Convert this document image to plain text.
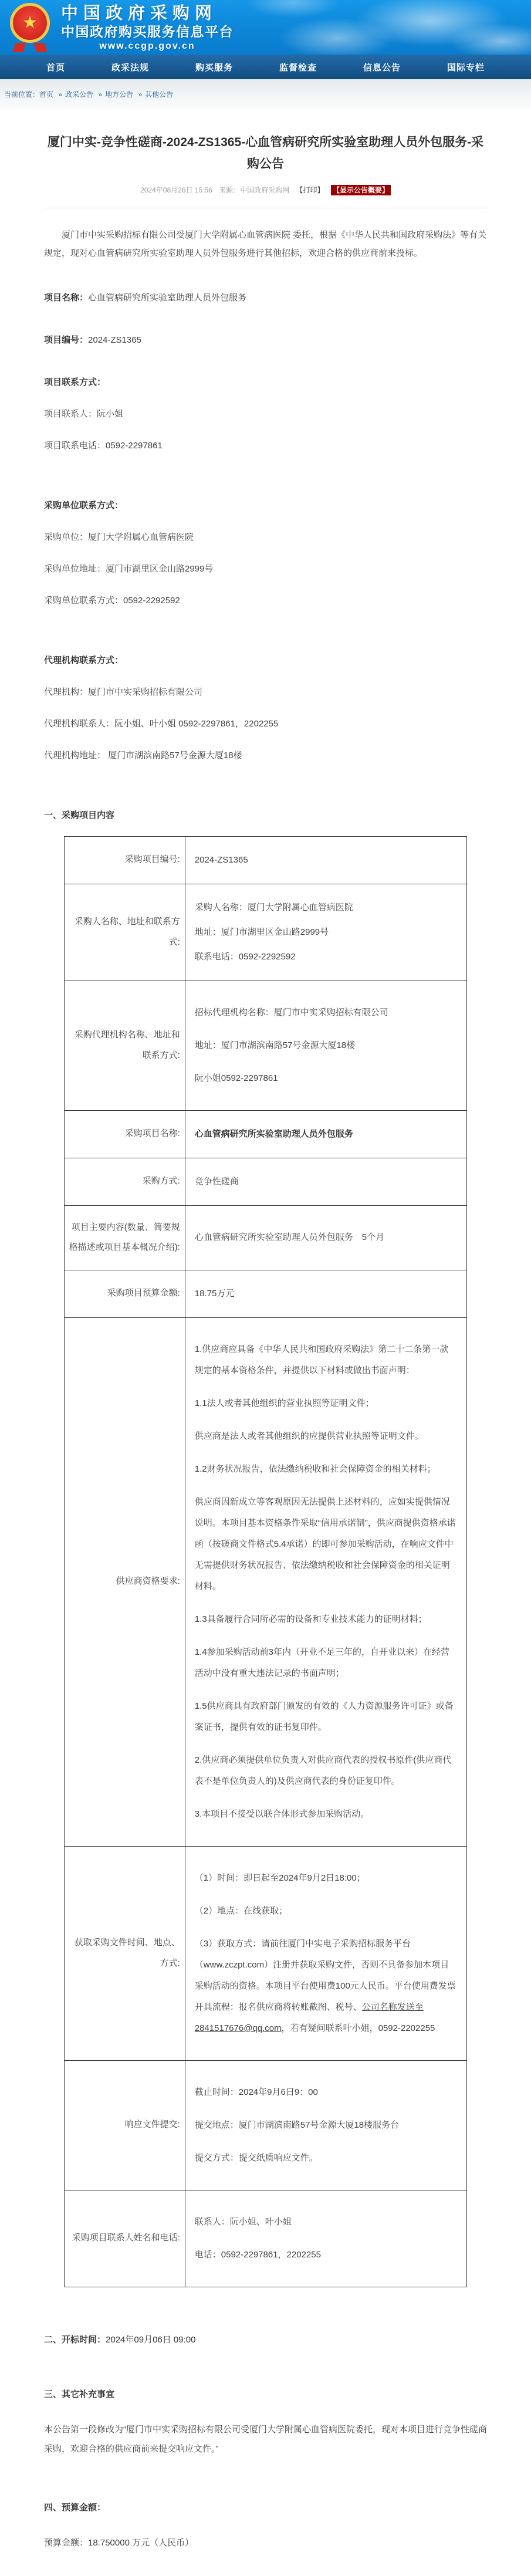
★ 中国政府采购网
中国政府购买服务信息平台
www.ccgp.gov.cn
首页	政采法规	购买服务	监督检查	信息公告	国际专栏
当前位置： 首页 » 政采公告 » 地方公告 » 其他公告
厦门中实-竞争性磋商-2024-ZS1365-心血管病研究所实验室助理人员外包服务-采购公告
2024年08月26日 15:56 来源：中国政府采购网 【打印】 【显示公告概要】

厦门市中实采购招标有限公司受厦门大学附属心血管病医院 委托，根据《中华人民共和国政府采购法》等有关规定，现对心血管病研究所实验室助理人员外包服务进行其他招标，欢迎合格的供应商前来投标。

项目名称：心血管病研究所实验室助理人员外包服务

项目编号：2024-ZS1365

项目联系方式：

项目联系人：阮小姐

项目联系电话：0592-2297861

采购单位联系方式：

采购单位：厦门大学附属心血管病医院

采购单位地址：厦门市湖里区金山路2999号

采购单位联系方式：0592-2292592

代理机构联系方式：

代理机构：厦门市中实采购招标有限公司

代理机构联系人：阮小姐、叶小姐 0592-2297861，2202255

代理机构地址： 厦门市湖滨南路57号金源大厦18楼

一、采购项目内容
采购项目编号:	2024-ZS1365

采购人名称、地址和联系方式:	采购人名称：厦门大学附属心血管病医院

地址：厦门市湖里区金山路2999号

联系电话：0592-2292592

采购代理机构名称、地址和联系方式:	招标代理机构名称：厦门市中实采购招标有限公司

地址：厦门市湖滨南路57号金源大厦18楼

阮小姐0592-2297861

采购项目名称:	心血管病研究所实验室助理人员外包服务

采购方式:	竞争性磋商

项目主要内容(数量、简要规格描述或项目基本概况介绍):	心血管病研究所实验室助理人员外包服务　5个月

采购项目预算金额:	18.75万元

供应商资格要求:	

1.供应商应具备《中华人民共和国政府采购法》第二十二条第一款规定的基本资格条件，并提供以下材料或做出书面声明：

1.1法人或者其他组织的营业执照等证明文件；

供应商是法人或者其他组织的应提供营业执照等证明文件。

1.2财务状况报告，依法缴纳税收和社会保障资金的相关材料；

供应商因新成立等客观原因无法提供上述材料的，应如实提供情况说明。本项目基本资格条件采取“信用承诺制”，供应商提供资格承诺函（按磋商文件格式5.4承诺）的即可参加采购活动，在响应文件中无需提供财务状况报告、依法缴纳税收和社会保障资金的相关证明材料。

1.3具备履行合同所必需的设备和专业技术能力的证明材料；

1.4参加采购活动前3年内（开业不足三年的，自开业以来）在经营活动中没有重大违法记录的书面声明；

1.5供应商具有政府部门颁发的有效的《人力资源服务许可证》或备案证书，提供有效的证书复印件。

2.供应商必须提供单位负责人对供应商代表的授权书原件(供应商代表不是单位负责人的)及供应商代表的身份证复印件。

3.本项目不接受以联合体形式参加采购活动。

获取采购文件时间、地点、方式:	（1）时间：即日起至2024年9月2日18:00；

（2）地点：在线获取；

（3）获取方式：请前往厦门中实电子采购招标服务平台（www.zczpt.com）注册并获取采购文件，否则不具备参加本项目采购活动的资格。本项目平台使用费100元人民币。平台使用费发票开具流程：报名供应商将转账截图、税号、公司名称发送至2841517676@qq.com，若有疑问联系叶小姐，0592-2202255

响应文件提交:	截止时间：2024年9月6日9：00

提交地点：厦门市湖滨南路57号金源大厦18楼服务台

提交方式：提交纸质响应文件。

采购项目联系人姓名和电话:	联系人：阮小姐、叶小姐

电话：0592-2297861，2202255

二、开标时间：2024年09月06日 09:00

三、其它补充事宜

本公告第一段修改为“厦门市中实采购招标有限公司受厦门大学附属心血管病医院委托，现对本项目进行竞争性磋商采购，欢迎合格的供应商前来提交响应文件。”

四、预算金额：

预算金额：18.750000 万元（人民币）
